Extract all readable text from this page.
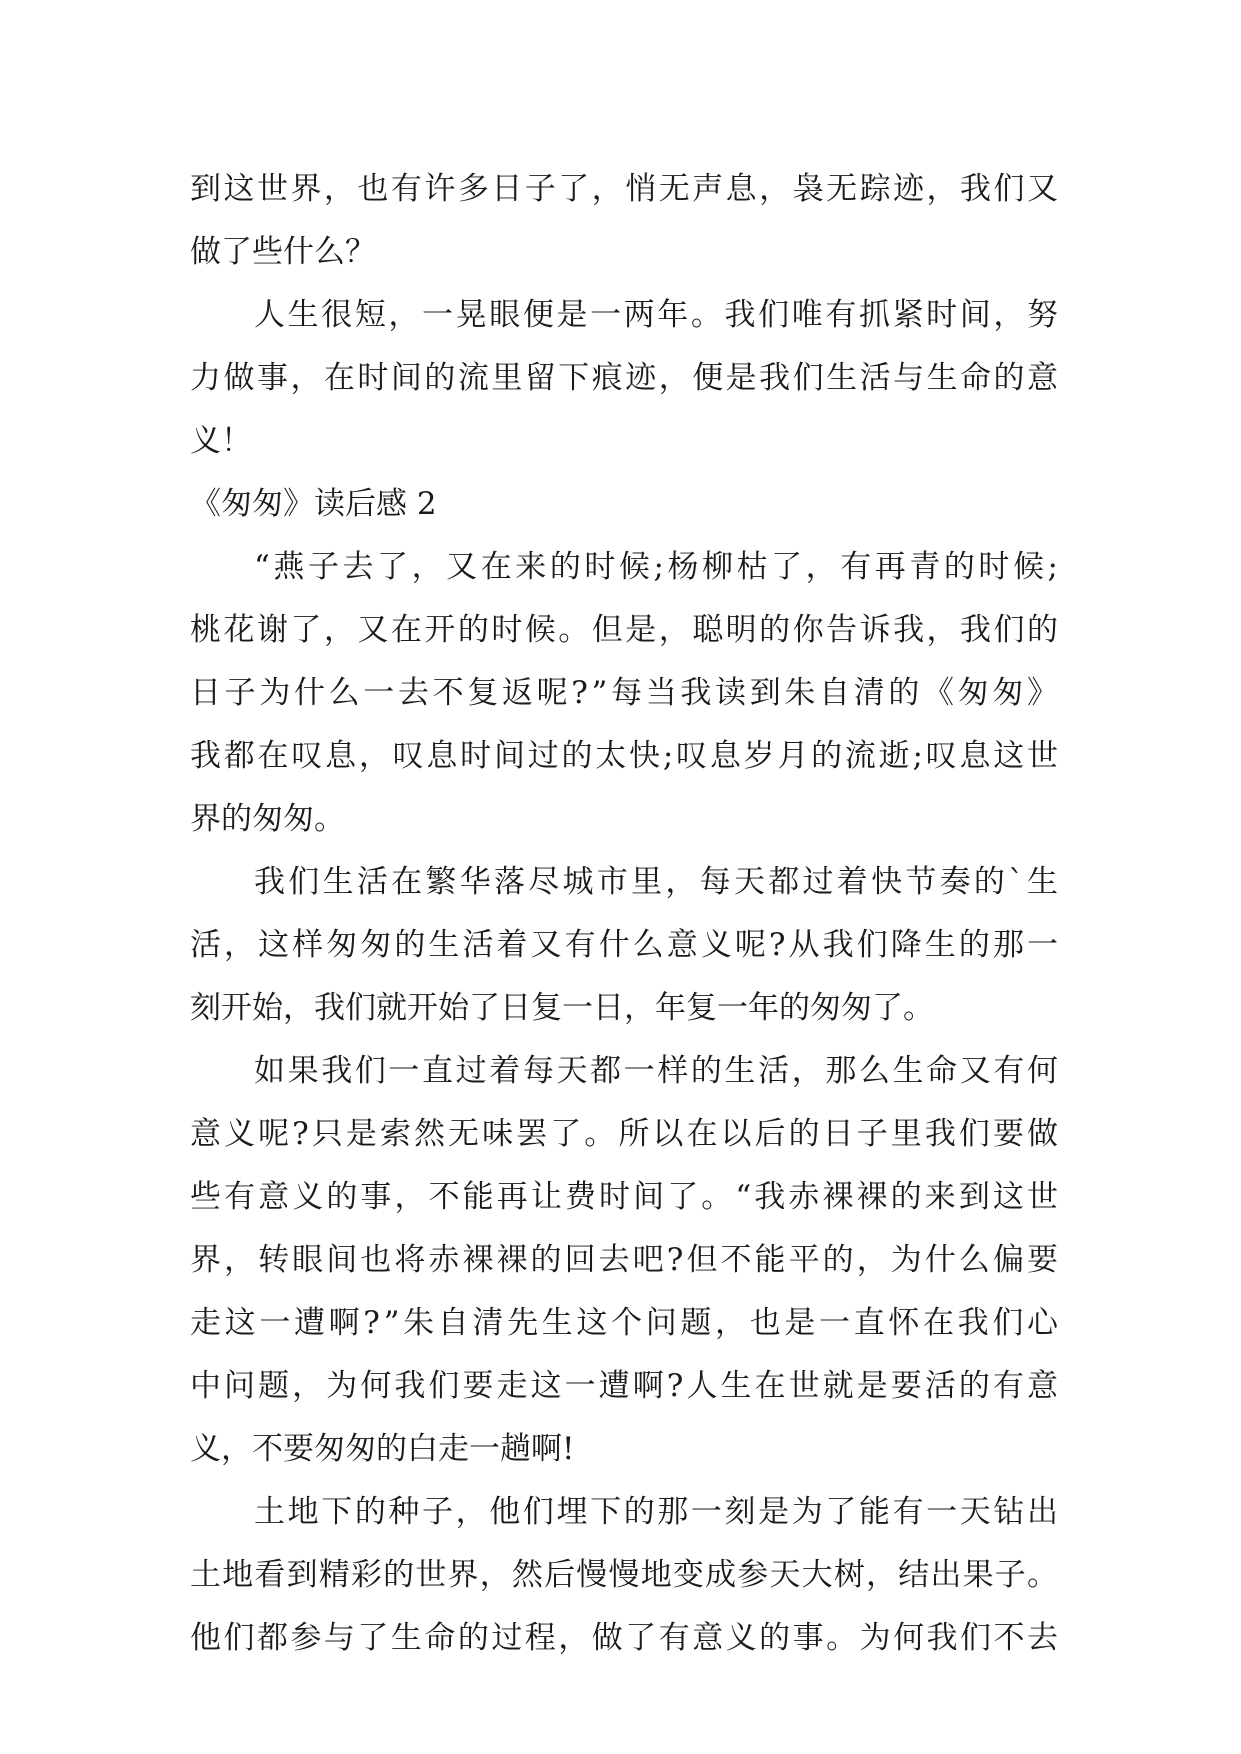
到这世界，也有许多日子了，悄无声息，袅无踪迹，我们又
做了些什么？
人生很短，一晃眼便是一两年。我们唯有抓紧时间，努
力做事，在时间的流里留下痕迹，便是我们生活与生命的意
义！
《匆匆》读后感 2
“燕子去了，又在来的时候;杨柳枯了，有再青的时候;
桃花谢了，又在开的时候。但是，聪明的你告诉我，我们的
日子为什么一去不复返呢?”每当我读到朱自清的《匆匆》
我都在叹息，叹息时间过的太快;叹息岁月的流逝;叹息这世
界的匆匆。
我们生活在繁华落尽城市里，每天都过着快节奏的`生
活，这样匆匆的生活着又有什么意义呢?从我们降生的那一
刻开始，我们就开始了日复一日，年复一年的匆匆了。
如果我们一直过着每天都一样的生活，那么生命又有何
意义呢?只是索然无味罢了。所以在以后的日子里我们要做
些有意义的事，不能再让费时间了。“我赤裸裸的来到这世
界，转眼间也将赤裸裸的回去吧?但不能平的，为什么偏要
走这一遭啊?”朱自清先生这个问题，也是一直怀在我们心
中问题，为何我们要走这一遭啊?人生在世就是要活的有意
义，不要匆匆的白走一趟啊!
土地下的种子，他们埋下的那一刻是为了能有一天钻出
土地看到精彩的世界，然后慢慢地变成参天大树，结出果子。
他们都参与了生命的过程，做了有意义的事。为何我们不去
